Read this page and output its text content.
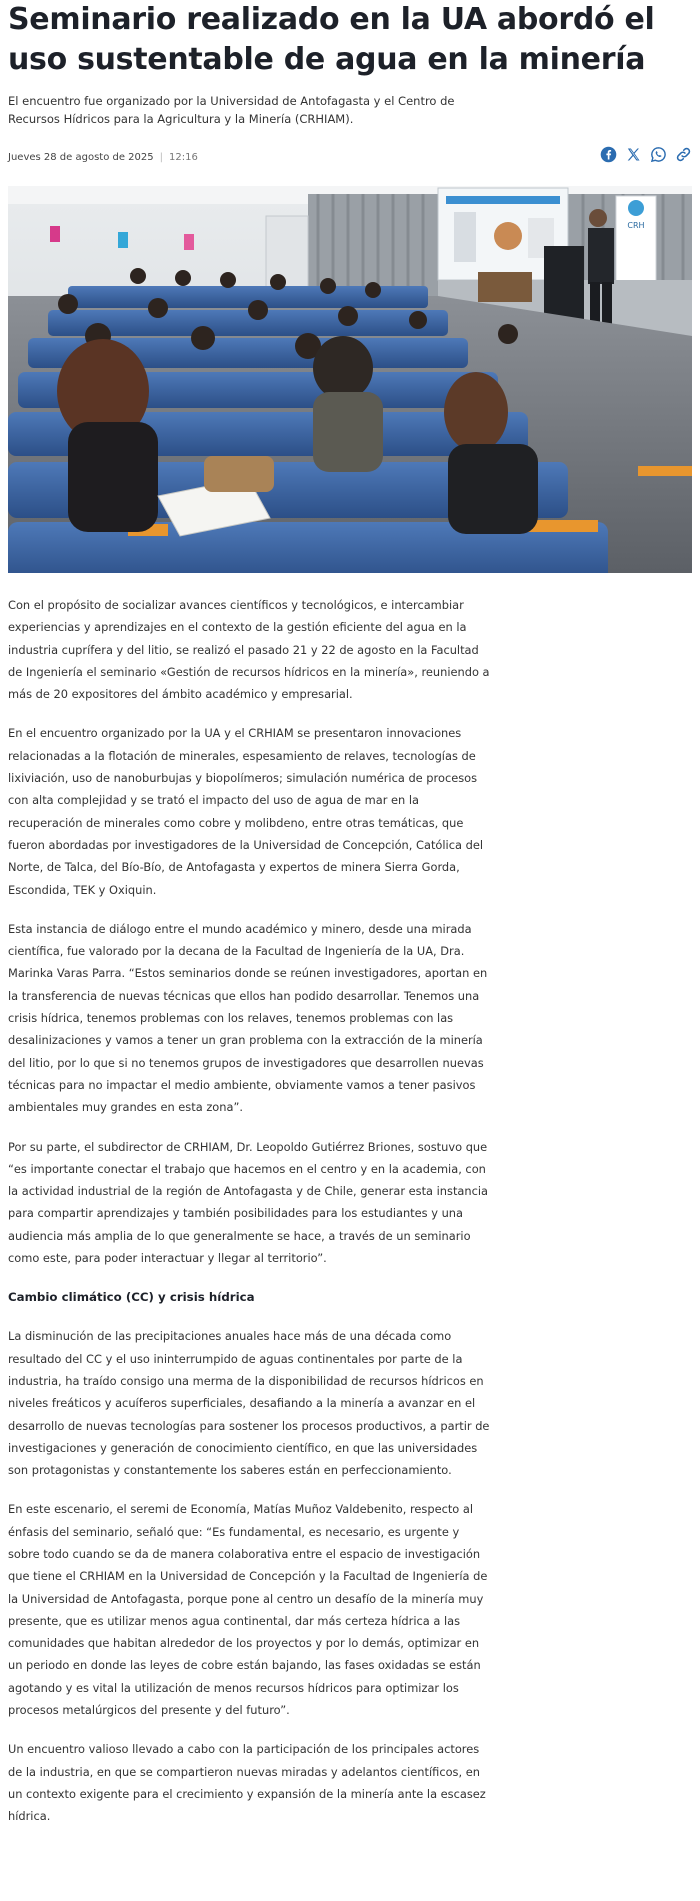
Seminario realizado en la UA abordó el uso sustentable de agua en la minería

El encuentro fue organizado por la Universidad de Antofagasta y el Centro de Recursos Hídricos para la Agricultura y la Minería (CRHIAM).

Jueves 28 de agosto de 2025 | 12:16
CRH

Con el propósito de socializar avances científicos y tecnológicos, e intercambiar experiencias y aprendizajes en el contexto de la gestión eficiente del agua en la industria cuprífera y del litio, se realizó el pasado 21 y 22 de agosto en la Facultad de Ingeniería el seminario «Gestión de recursos hídricos en la minería», reuniendo a más de 20 expositores del ámbito académico y empresarial.

En el encuentro organizado por la UA y el CRHIAM se presentaron innovaciones relacionadas a la flotación de minerales, espesamiento de relaves, tecnologías de lixiviación, uso de nanoburbujas y biopolímeros; simulación numérica de procesos con alta complejidad y se trató el impacto del uso de agua de mar en la recuperación de minerales como cobre y molibdeno, entre otras temáticas, que fueron abordadas por investigadores de la Universidad de Concepción, Católica del Norte, de Talca, del Bío-Bío, de Antofagasta y expertos de minera Sierra Gorda, Escondida, TEK y Oxiquin.

Esta instancia de diálogo entre el mundo académico y minero, desde una mirada científica, fue valorado por la decana de la Facultad de Ingeniería de la UA, Dra. Marinka Varas Parra. “Estos seminarios donde se reúnen investigadores, aportan en la transferencia de nuevas técnicas que ellos han podido desarrollar. Tenemos una crisis hídrica, tenemos problemas con los relaves, tenemos problemas con las desalinizaciones y vamos a tener un gran problema con la extracción de la minería del litio, por lo que si no tenemos grupos de investigadores que desarrollen nuevas técnicas para no impactar el medio ambiente, obviamente vamos a tener pasivos ambientales muy grandes en esta zona”.

Por su parte, el subdirector de CRHIAM, Dr. Leopoldo Gutiérrez Briones, sostuvo que “es importante conectar el trabajo que hacemos en el centro y en la academia, con la actividad industrial de la región de Antofagasta y de Chile, generar esta instancia para compartir aprendizajes y también posibilidades para los estudiantes y una audiencia más amplia de lo que generalmente se hace, a través de un seminario como este, para poder interactuar y llegar al territorio”.

Cambio climático (CC) y crisis hídrica

La disminución de las precipitaciones anuales hace más de una década como resultado del CC y el uso ininterrumpido de aguas continentales por parte de la industria, ha traído consigo una merma de la disponibilidad de recursos hídricos en niveles freáticos y acuíferos superficiales, desafiando a la minería a avanzar en el desarrollo de nuevas tecnologías para sostener los procesos productivos, a partir de investigaciones y generación de conocimiento científico, en que las universidades son protagonistas y constantemente los saberes están en perfeccionamiento.

En este escenario, el seremi de Economía, Matías Muñoz Valdebenito, respecto al énfasis del seminario, señaló que: “Es fundamental, es necesario, es urgente y sobre todo cuando se da de manera colaborativa entre el espacio de investigación que tiene el CRHIAM en la Universidad de Concepción y la Facultad de Ingeniería de la Universidad de Antofagasta, porque pone al centro un desafío de la minería muy presente, que es utilizar menos agua continental, dar más certeza hídrica a las comunidades que habitan alrededor de los proyectos y por lo demás, optimizar en un periodo en donde las leyes de cobre están bajando, las fases oxidadas se están agotando y es vital la utilización de menos recursos hídricos para optimizar los procesos metalúrgicos del presente y del futuro”.

Un encuentro valioso llevado a cabo con la participación de los principales actores de la industria, en que se compartieron nuevas miradas y adelantos científicos, en un contexto exigente para el crecimiento y expansión de la minería ante la escasez hídrica.
